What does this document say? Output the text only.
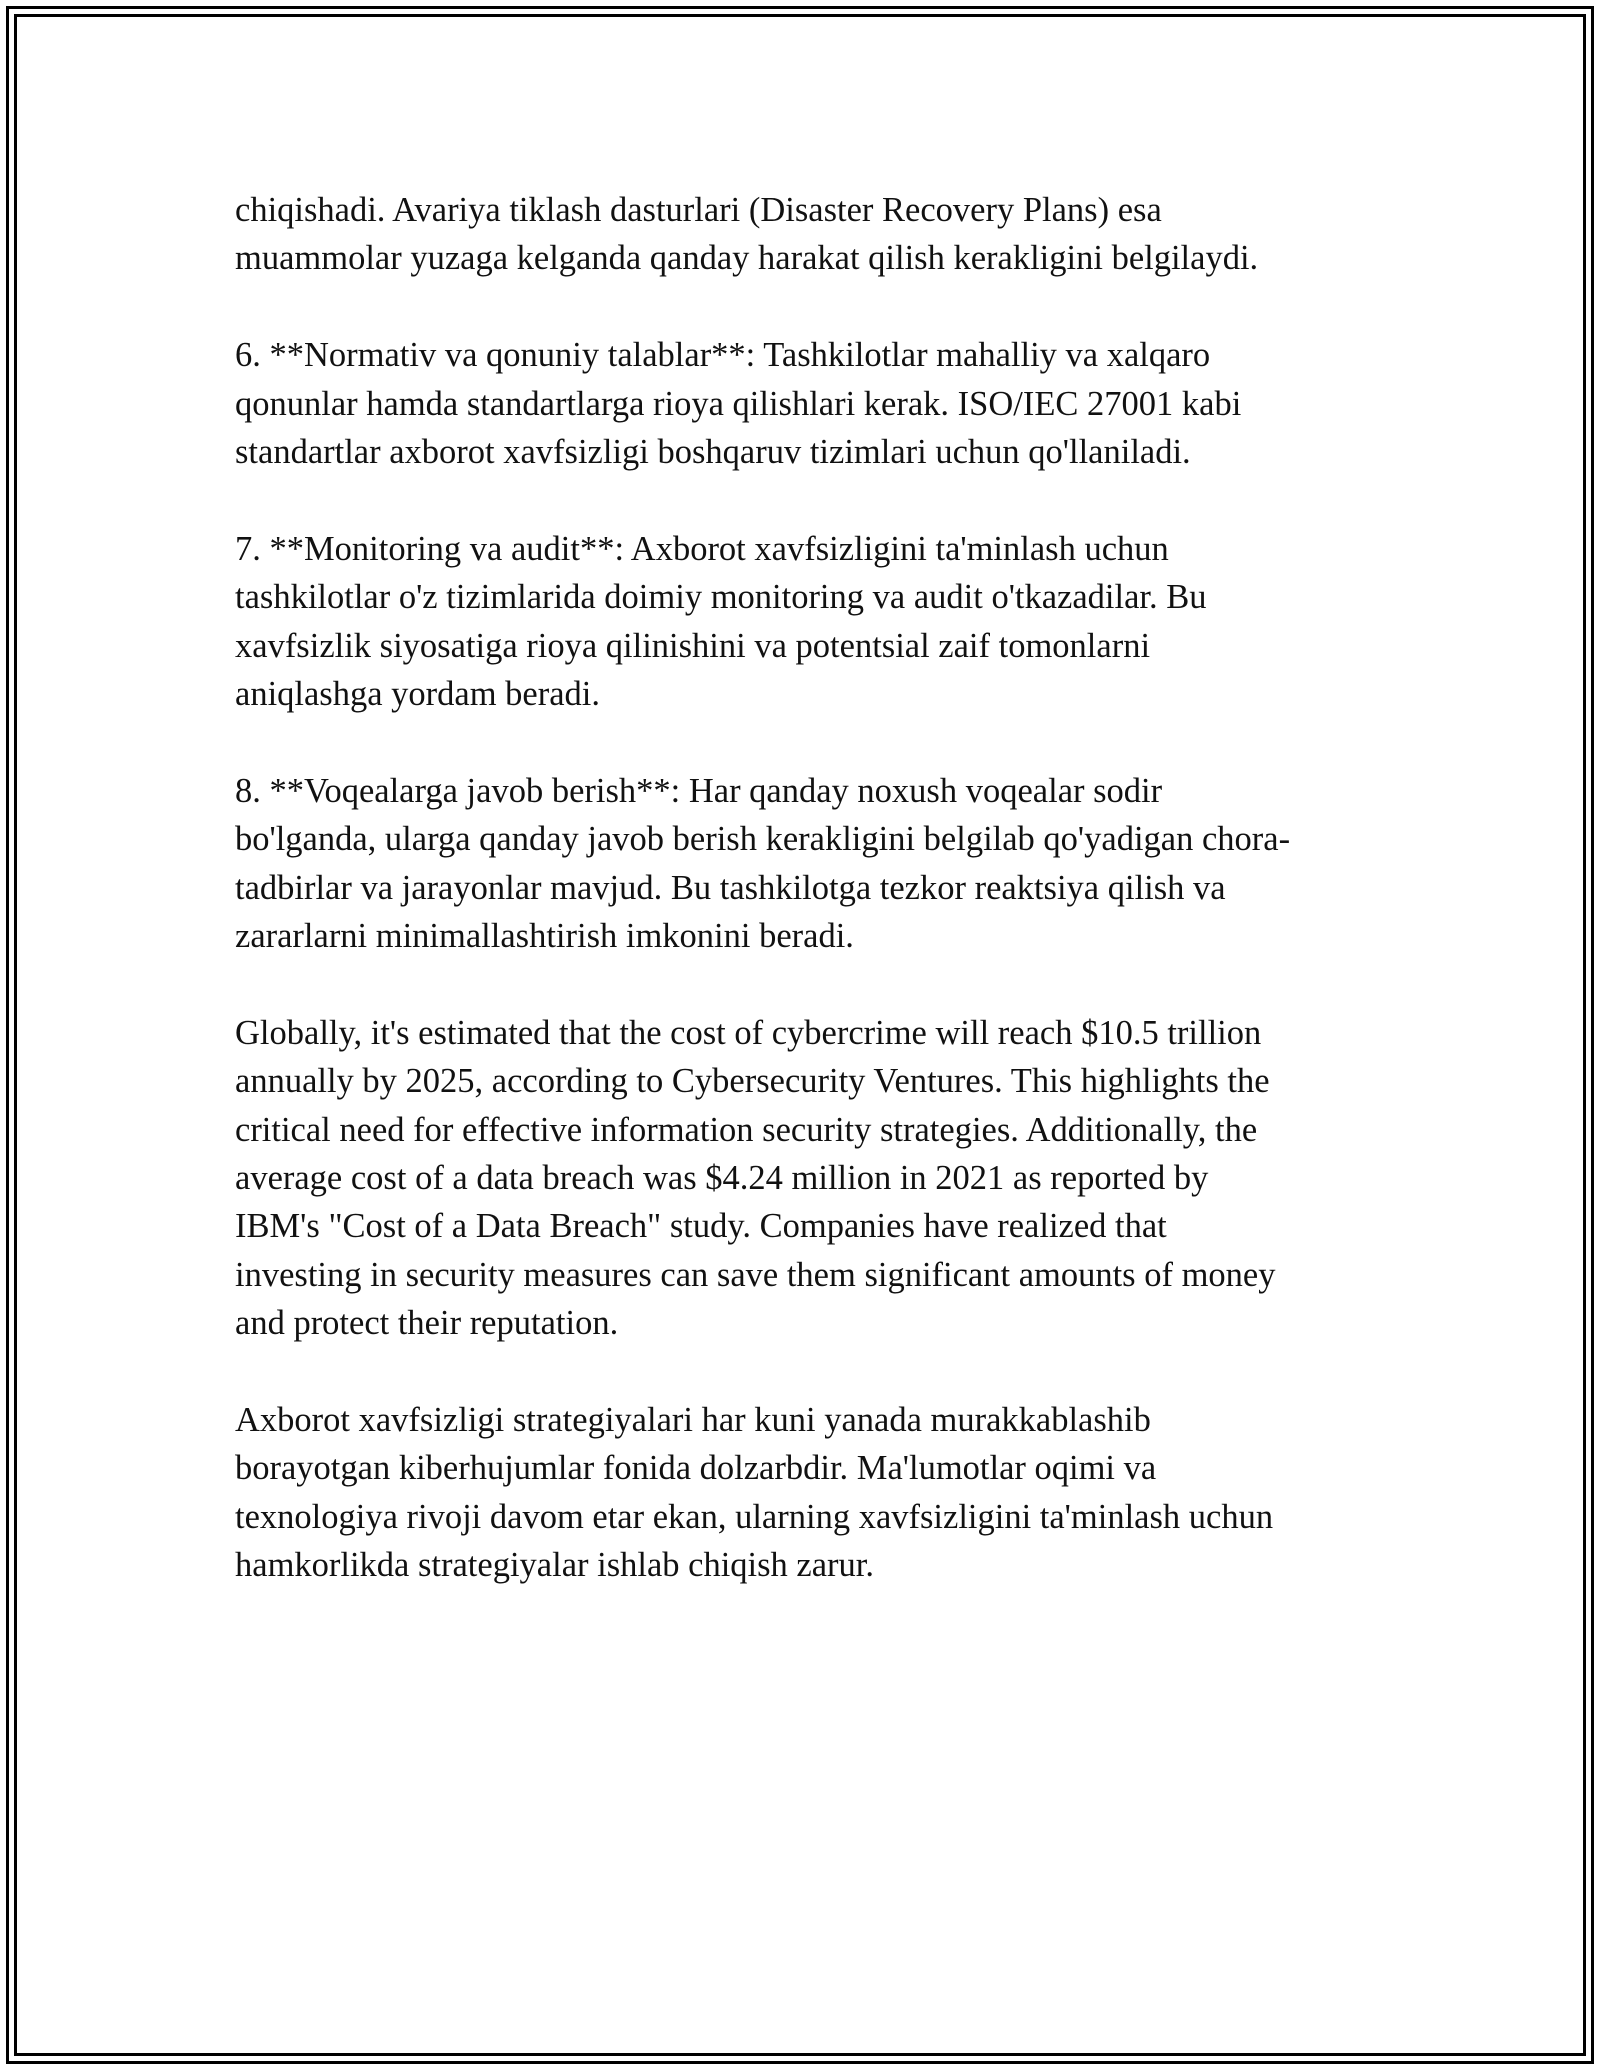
chiqishadi. Avariya tiklash dasturlari (Disaster Recovery Plans) esa
muammolar yuzaga kelganda qanday harakat qilish kerakligini belgilaydi.

6. **Normativ va qonuniy talablar**: Tashkilotlar mahalliy va xalqaro
qonunlar hamda standartlarga rioya qilishlari kerak. ISO/IEC 27001 kabi
standartlar axborot xavfsizligi boshqaruv tizimlari uchun qo'llaniladi.

7. **Monitoring va audit**: Axborot xavfsizligini ta'minlash uchun
tashkilotlar o'z tizimlarida doimiy monitoring va audit o'tkazadilar. Bu
xavfsizlik siyosatiga rioya qilinishini va potentsial zaif tomonlarni
aniqlashga yordam beradi.

8. **Voqealarga javob berish**: Har qanday noxush voqealar sodir
bo'lganda, ularga qanday javob berish kerakligini belgilab qo'yadigan chora-
tadbirlar va jarayonlar mavjud. Bu tashkilotga tezkor reaktsiya qilish va
zararlarni minimallashtirish imkonini beradi.

Globally, it's estimated that the cost of cybercrime will reach $10.5 trillion
annually by 2025, according to Cybersecurity Ventures. This highlights the
critical need for effective information security strategies. Additionally, the
average cost of a data breach was $4.24 million in 2021 as reported by
IBM's "Cost of a Data Breach" study. Companies have realized that
investing in security measures can save them significant amounts of money
and protect their reputation.

Axborot xavfsizligi strategiyalari har kuni yanada murakkablashib
borayotgan kiberhujumlar fonida dolzarbdir. Ma'lumotlar oqimi va
texnologiya rivoji davom etar ekan, ularning xavfsizligini ta'minlash uchun
hamkorlikda strategiyalar ishlab chiqish zarur.
